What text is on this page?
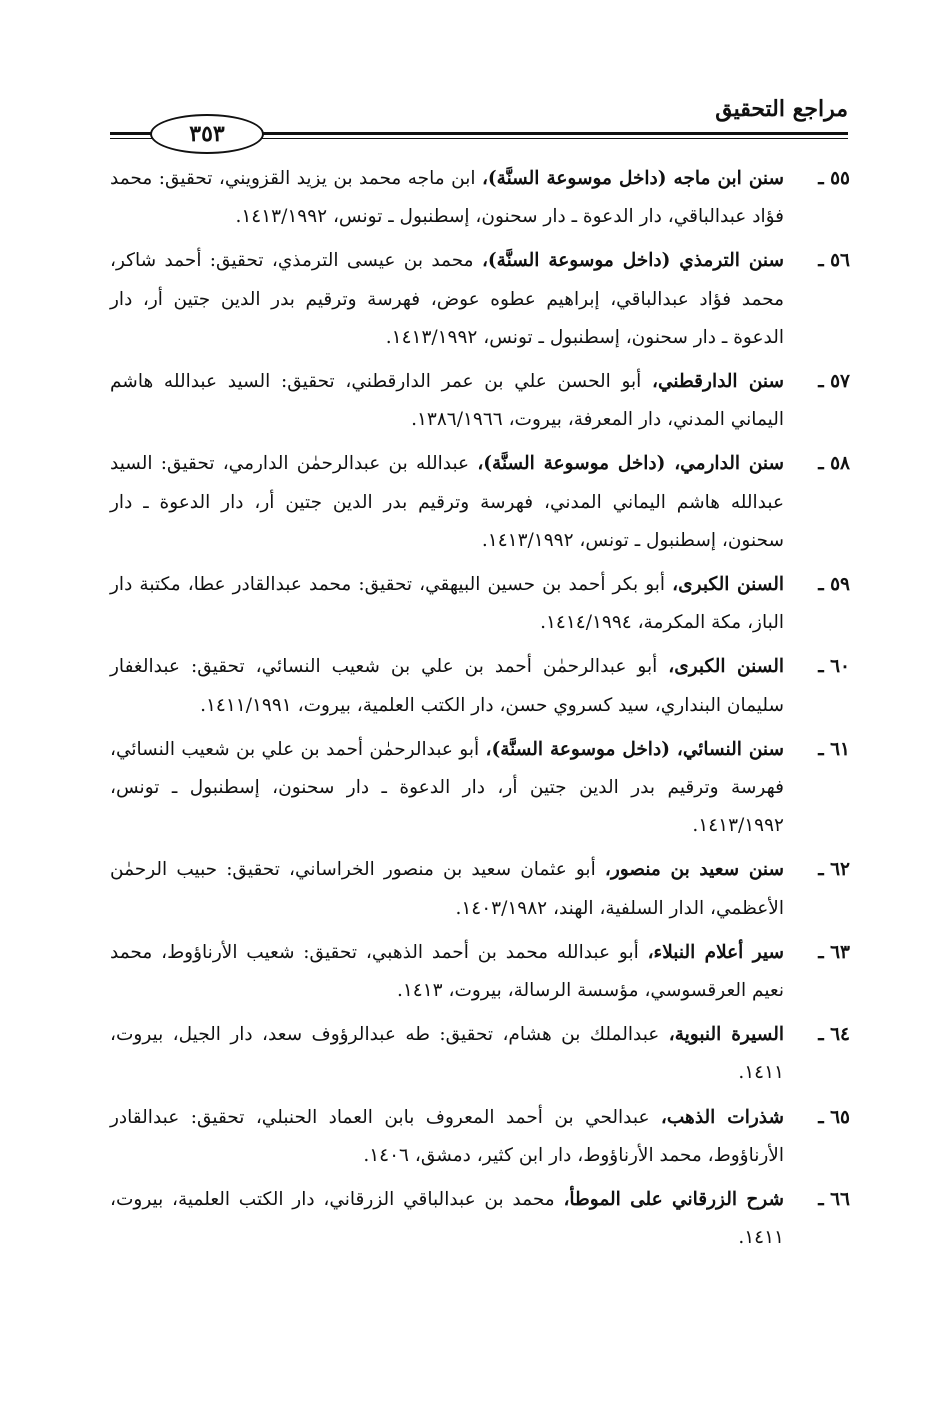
مراجع التحقيق
٣٥٣

٥٥ ـ
سنن ابن ماجه (داخل موسوعة السنَّة)، ابن ماجه محمد بن يزيد القزويني، تحقيق: محمد فؤاد عبدالباقي، دار الدعوة ـ دار سحنون، إسطنبول ـ تونس، ١٤١٣/١٩٩٢.

٥٦ ـ
سنن الترمذي (داخل موسوعة السنَّة)، محمد بن عيسى الترمذي، تحقيق: أحمد شاكر، محمد فؤاد عبدالباقي، إبراهيم عطوه عوض، فهرسة وترقيم بدر الدين جتين أر، دار الدعوة ـ دار سحنون، إسطنبول ـ تونس، ١٤١٣/١٩٩٢.

٥٧ ـ
سنن الدارقطني، أبو الحسن علي بن عمر الدارقطني، تحقيق: السيد عبدالله هاشم اليماني المدني، دار المعرفة، بيروت، ١٣٨٦/١٩٦٦.

٥٨ ـ
سنن الدارمي، (داخل موسوعة السنَّة)، عبدالله بن عبدالرحمٰن الدارمي، تحقيق: السيد عبدالله هاشم اليماني المدني، فهرسة وترقيم بدر الدين جتين أر، دار الدعوة ـ دار سحنون، إسطنبول ـ تونس، ١٤١٣/١٩٩٢.

٥٩ ـ
السنن الكبرى، أبو بكر أحمد بن حسين البيهقي، تحقيق: محمد عبدالقادر عطا، مكتبة دار الباز، مكة المكرمة، ١٤١٤/١٩٩٤.

٦٠ ـ
السنن الكبرى، أبو عبدالرحمٰن أحمد بن علي بن شعيب النسائي، تحقيق: عبدالغفار سليمان البنداري، سيد كسروي حسن، دار الكتب العلمية، بيروت، ١٤١١/١٩٩١.

٦١ ـ
سنن النسائي، (داخل موسوعة السنَّة)، أبو عبدالرحمٰن أحمد بن علي بن شعيب النسائي، فهرسة وترقيم بدر الدين جتين أر، دار الدعوة ـ دار سحنون، إسطنبول ـ تونس، ١٤١٣/١٩٩٢.

٦٢ ـ
سنن سعيد بن منصور، أبو عثمان سعيد بن منصور الخراساني، تحقيق: حبيب الرحمٰن الأعظمي، الدار السلفية، الهند، ١٤٠٣/١٩٨٢.

٦٣ ـ
سير أعلام النبلاء، أبو عبدالله محمد بن أحمد الذهبي، تحقيق: شعيب الأرناؤوط، محمد نعيم العرقسوسي، مؤسسة الرسالة، بيروت، ١٤١٣.

٦٤ ـ
السيرة النبوية، عبدالملك بن هشام، تحقيق: طه عبدالرؤوف سعد، دار الجيل، بيروت، ١٤١١.

٦٥ ـ
شذرات الذهب، عبدالحي بن أحمد المعروف بابن العماد الحنبلي، تحقيق: عبدالقادر الأرناؤوط، محمد الأرناؤوط، دار ابن كثير، دمشق، ١٤٠٦.

٦٦ ـ
شرح الزرقاني على الموطأ، محمد بن عبدالباقي الزرقاني، دار الكتب العلمية، بيروت، ١٤١١.
